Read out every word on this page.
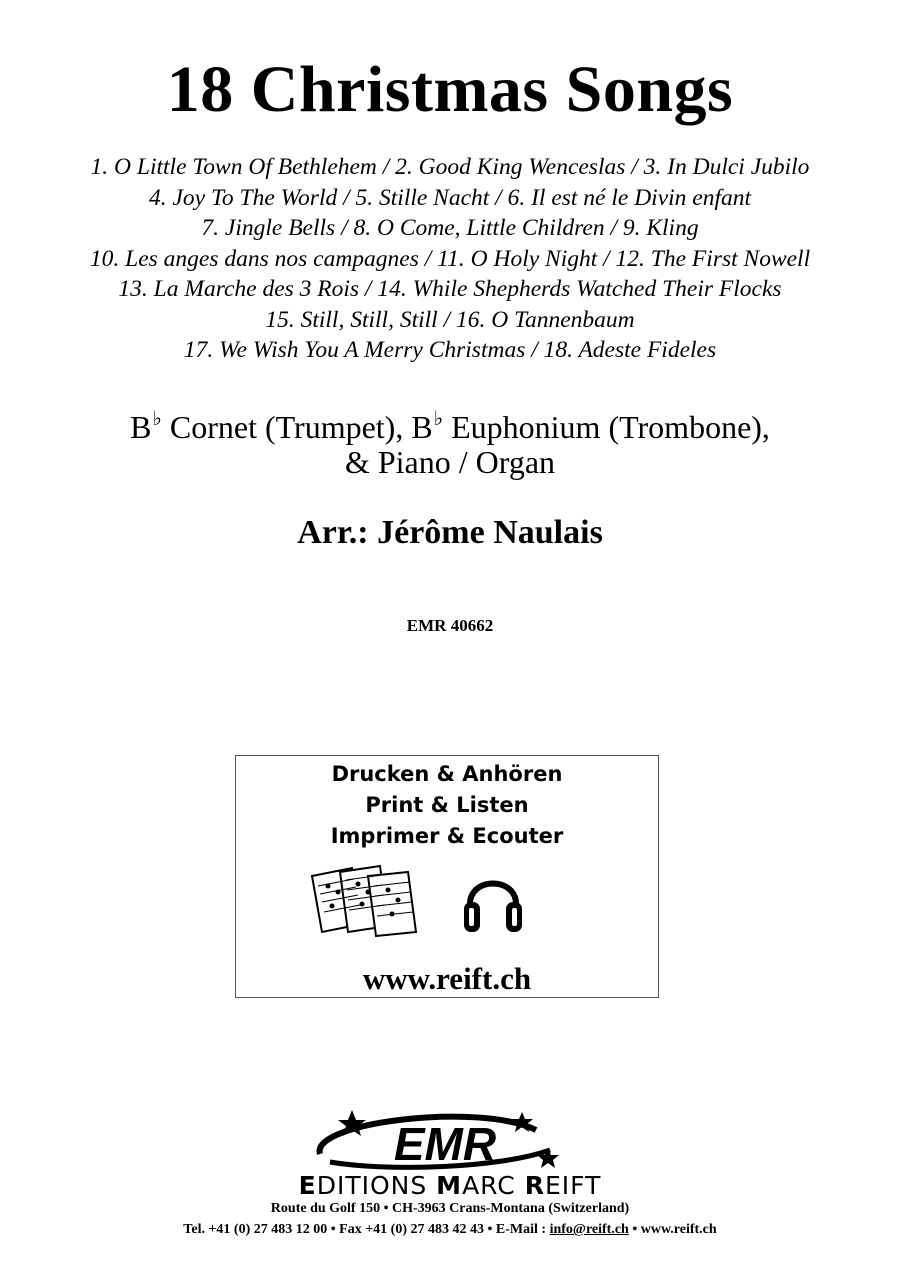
18 Christmas Songs
1. O Little Town Of Bethlehem / 2. Good King Wenceslas / 3. In Dulci Jubilo
4. Joy To The World / 5. Stille Nacht / 6. Il est né le Divin enfant
7. Jingle Bells / 8. O Come, Little Children / 9. Kling
10. Les anges dans nos campagnes / 11. O Holy Night / 12. The First Nowell
13. La Marche des 3 Rois / 14. While Shepherds Watched Their Flocks
15. Still, Still, Still / 16. O Tannenbaum
17. We Wish You A Merry Christmas / 18. Adeste Fideles
B♭ Cornet (Trumpet), B♭ Euphonium (Trombone),
& Piano / Organ
Arr.: Jérôme Naulais
EMR 40662
Drucken & Anhören
Print & Listen
Imprimer & Ecouter
www.reift.ch
EMR
EDITIONS MARC REIFT
Route du Golf 150 • CH-3963 Crans-Montana (Switzerland)
Tel. +41 (0) 27 483 12 00 • Fax +41 (0) 27 483 42 43 • E-Mail : info@reift.ch • www.reift.ch
